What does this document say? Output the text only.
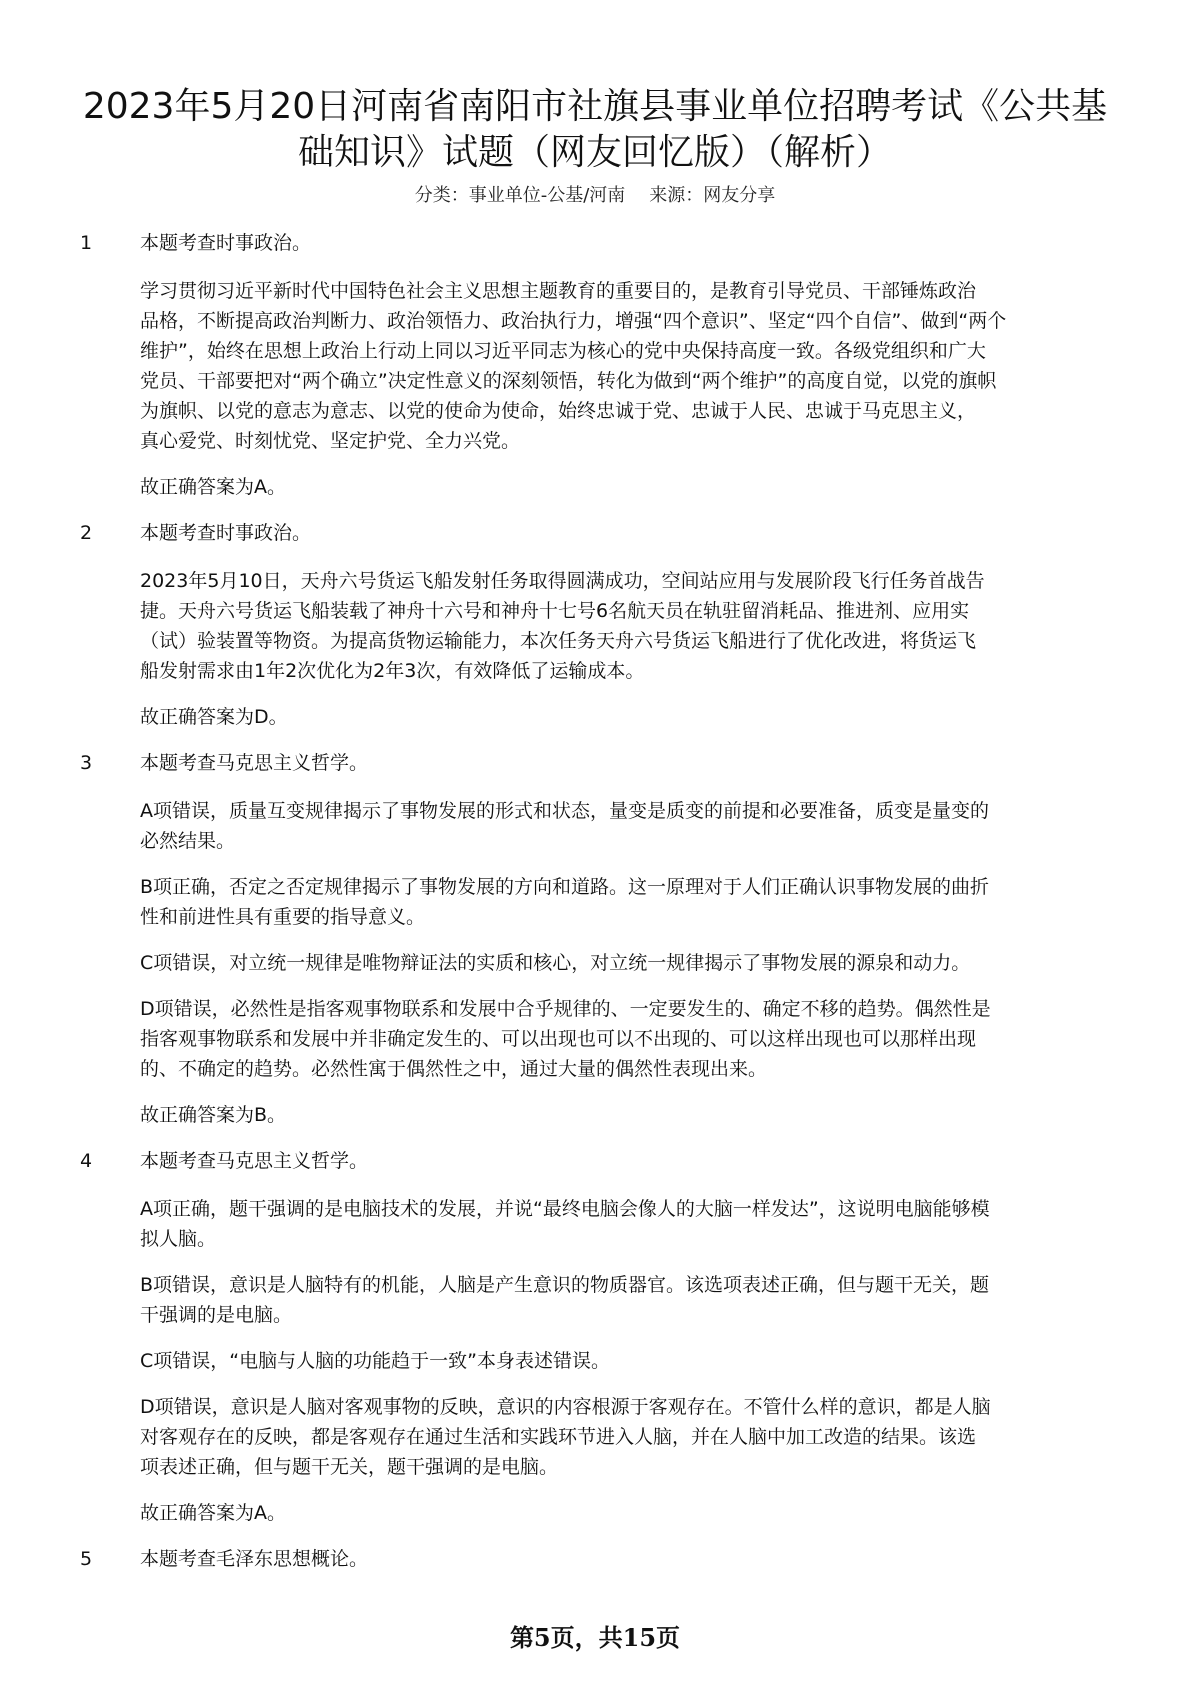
2023年5月20日河南省南阳市社旗县事业单位招聘考试《公共基
础知识》试题（网友回忆版）（解析）
分类：事业单位-公基/河南 来源：网友分享
1	本题考查时事政治。
学习贯彻习近平新时代中国特色社会主义思想主题教育的重要目的，是教育引导党员、干部锤炼政治
品格，不断提高政治判断力、政治领悟力、政治执行力，增强“四个意识”、坚定“四个自信”、做到“两个
维护”，始终在思想上政治上行动上同以习近平同志为核心的党中央保持高度一致。各级党组织和广大
党员、干部要把对“两个确立”决定性意义的深刻领悟，转化为做到“两个维护”的高度自觉，以党的旗帜
为旗帜、以党的意志为意志、以党的使命为使命，始终忠诚于党、忠诚于人民、忠诚于马克思主义，
真心爱党、时刻忧党、坚定护党、全力兴党。
故正确答案为A。
2	本题考查时事政治。
2023年5月10日，天舟六号货运飞船发射任务取得圆满成功，空间站应用与发展阶段飞行任务首战告
捷。天舟六号货运飞船装载了神舟十六号和神舟十七号6名航天员在轨驻留消耗品、推进剂、应用实
（试）验装置等物资。为提高货物运输能力，本次任务天舟六号货运飞船进行了优化改进，将货运飞
船发射需求由1年2次优化为2年3次，有效降低了运输成本。
故正确答案为D。
3	本题考查马克思主义哲学。
A项错误，质量互变规律揭示了事物发展的形式和状态，量变是质变的前提和必要准备，质变是量变的
必然结果。
B项正确，否定之否定规律揭示了事物发展的方向和道路。这一原理对于人们正确认识事物发展的曲折
性和前进性具有重要的指导意义。
C项错误，对立统一规律是唯物辩证法的实质和核心，对立统一规律揭示了事物发展的源泉和动力。
D项错误，必然性是指客观事物联系和发展中合乎规律的、一定要发生的、确定不移的趋势。偶然性是
指客观事物联系和发展中并非确定发生的、可以出现也可以不出现的、可以这样出现也可以那样出现
的、不确定的趋势。必然性寓于偶然性之中，通过大量的偶然性表现出来。
故正确答案为B。
4	本题考查马克思主义哲学。
A项正确，题干强调的是电脑技术的发展，并说“最终电脑会像人的大脑一样发达”，这说明电脑能够模
拟人脑。
B项错误，意识是人脑特有的机能，人脑是产生意识的物质器官。该选项表述正确，但与题干无关，题
干强调的是电脑。
C项错误，“电脑与人脑的功能趋于一致”本身表述错误。
D项错误，意识是人脑对客观事物的反映，意识的内容根源于客观存在。不管什么样的意识，都是人脑
对客观存在的反映，都是客观存在通过生活和实践环节进入人脑，并在人脑中加工改造的结果。该选
项表述正确，但与题干无关，题干强调的是电脑。
故正确答案为A。
5	本题考查毛泽东思想概论。
第5页，共15页
